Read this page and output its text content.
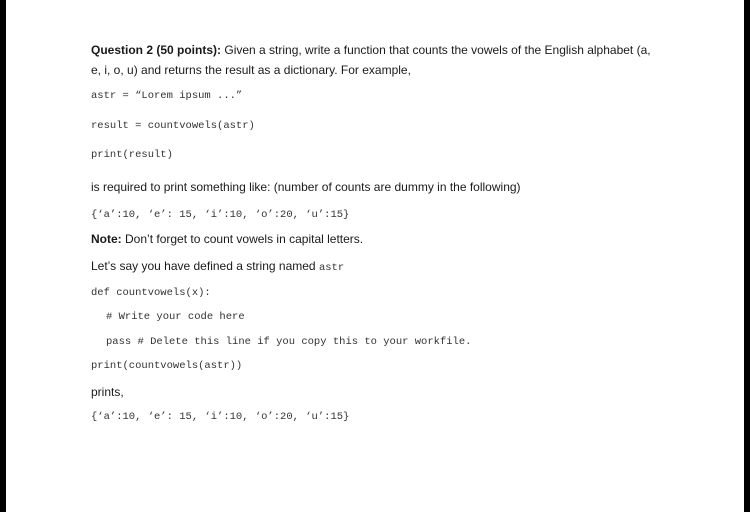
Question 2 (50 points): Given a string, write a function that counts the vowels of the English alphabet (a,
e, i, o, u) and returns the result as a dictionary. For example,
astr = “Lorem ipsum ...”
result = countvowels(astr)
print(result)
is required to print something like: (number of counts are dummy in the following)
{‘a’:10, ‘e’: 15, ‘i’:10, ‘o’:20, ‘u’:15}
Note: Don’t forget to count vowels in capital letters.
Let’s say you have defined a string named astr
def countvowels(x):
# Write your code here
pass # Delete this line if you copy this to your workfile.
print(countvowels(astr))
prints,
{‘a’:10, ‘e’: 15, ‘i’:10, ‘o’:20, ‘u’:15}
